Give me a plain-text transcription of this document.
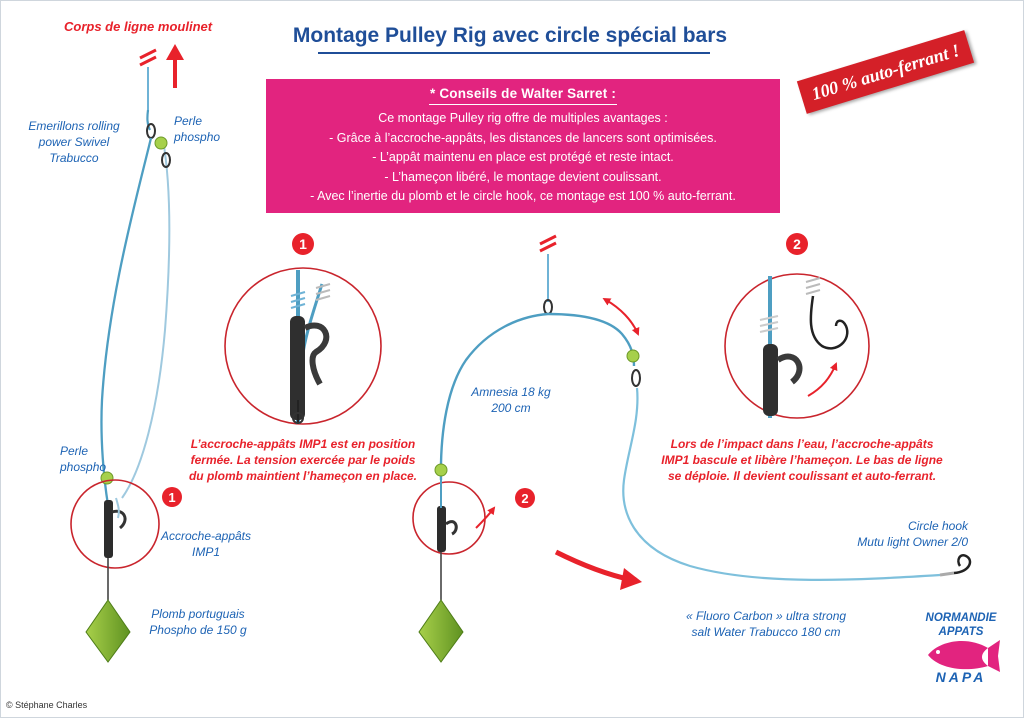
Montage Pulley Rig avec circle spécial bars
Corps de ligne moulinet
100 % auto-ferrant !
* Conseils de Walter Sarret :
Ce montage Pulley rig offre de multiples avantages :
- Grâce à l’accroche-appâts, les distances de lancers sont optimisées.
- L’appât maintenu en place est protégé et reste intact.
- L’hameçon libéré, le montage devient coulissant.
- Avec l’inertie du plomb et le circle hook, ce montage est 100 % auto-ferrant.
1
1
2
2
Emerillons rolling
power Swivel Trabucco
Perle
phospho
Perle
phospho
Accroche-appâts
IMP1
Plomb portuguais
Phospho de 150 g
Amnesia 18 kg
200 cm
Circle hook
Mutu light Owner 2/0
« Fluoro Carbon » ultra strong
salt Water Trabucco 180 cm
L’accroche-appâts IMP1 est en position
fermée. La tension exercée par le poids
du plomb maintient l’hameçon en place.
Lors de l’impact dans l’eau, l’accroche-appâts
IMP1 bascule et libère l’hameçon. Le bas de ligne
se déploie. Il devient coulissant et auto-ferrant.
NORMANDIE
APPATS
NAPA
© Stéphane Charles
